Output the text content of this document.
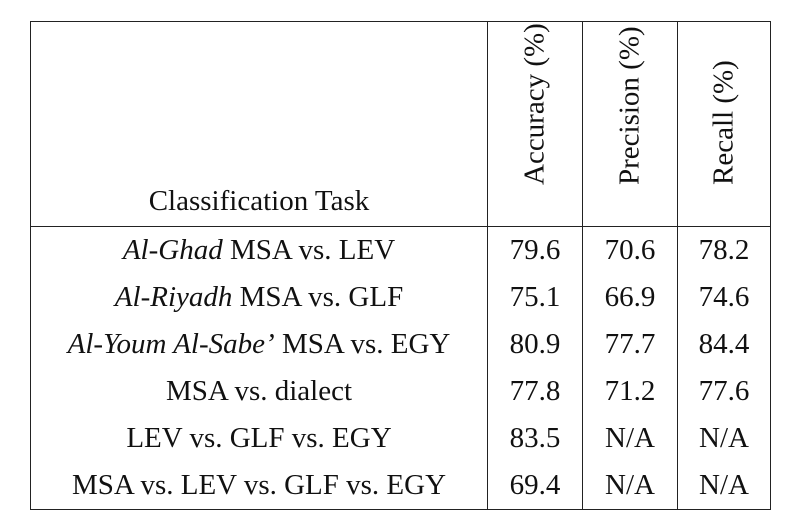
Classification Task	Accuracy (%)	Precision (%)	Recall (%)

Al-Ghad MSA vs. LEV	79.6	70.6	78.2
Al-Riyadh MSA vs. GLF	75.1	66.9	74.6
Al-Youm Al-Sabe’ MSA vs. EGY	80.9	77.7	84.4
MSA vs. dialect	77.8	71.2	77.6
LEV vs. GLF vs. EGY	83.5	N/A	N/A
MSA vs. LEV vs. GLF vs. EGY	69.4	N/A	N/A
